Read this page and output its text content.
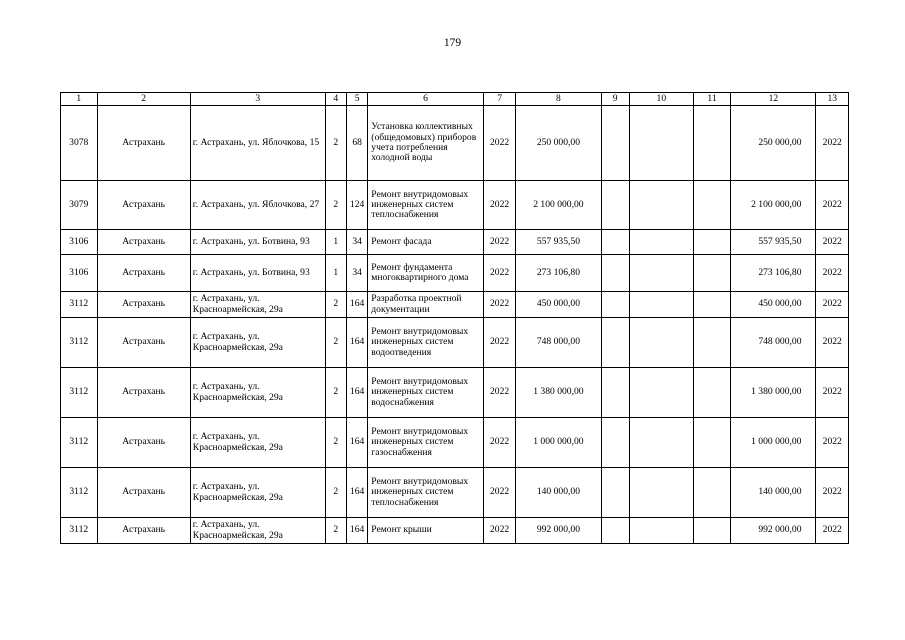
179
1	2	3	4	5	6	7	8	9	10	11	12	13
3078	Астрахань	г. Астрахань, ул. Яблочкова, 15	2	68	Установка коллективных (общедомовых) приборов учета потребления холодной воды	2022	250 000,00				250 000,00	2022
3079	Астрахань	г. Астрахань, ул. Яблочкова, 27	2	124	Ремонт внутридомовых инженерных систем теплоснабжения	2022	2 100 000,00				2 100 000,00	2022
3106	Астрахань	г. Астрахань, ул. Ботвина, 93	1	34	Ремонт фасада	2022	557 935,50				557 935,50	2022
3106	Астрахань	г. Астрахань, ул. Ботвина, 93	1	34	Ремонт фундамента многоквартирного дома	2022	273 106,80				273 106,80	2022
3112	Астрахань	г. Астрахань, ул. Красноармейская, 29а	2	164	Разработка проектной документации	2022	450 000,00				450 000,00	2022
3112	Астрахань	г. Астрахань, ул. Красноармейская, 29а	2	164	Ремонт внутридомовых инженерных систем водоотведения	2022	748 000,00				748 000,00	2022
3112	Астрахань	г. Астрахань, ул. Красноармейская, 29а	2	164	Ремонт внутридомовых инженерных систем водоснабжения	2022	1 380 000,00				1 380 000,00	2022
3112	Астрахань	г. Астрахань, ул. Красноармейская, 29а	2	164	Ремонт внутридомовых инженерных систем газоснабжения	2022	1 000 000,00				1 000 000,00	2022
3112	Астрахань	г. Астрахань, ул. Красноармейская, 29а	2	164	Ремонт внутридомовых инженерных систем теплоснабжения	2022	140 000,00				140 000,00	2022
3112	Астрахань	г. Астрахань, ул. Красноармейская, 29а	2	164	Ремонт крыши	2022	992 000,00				992 000,00	2022
